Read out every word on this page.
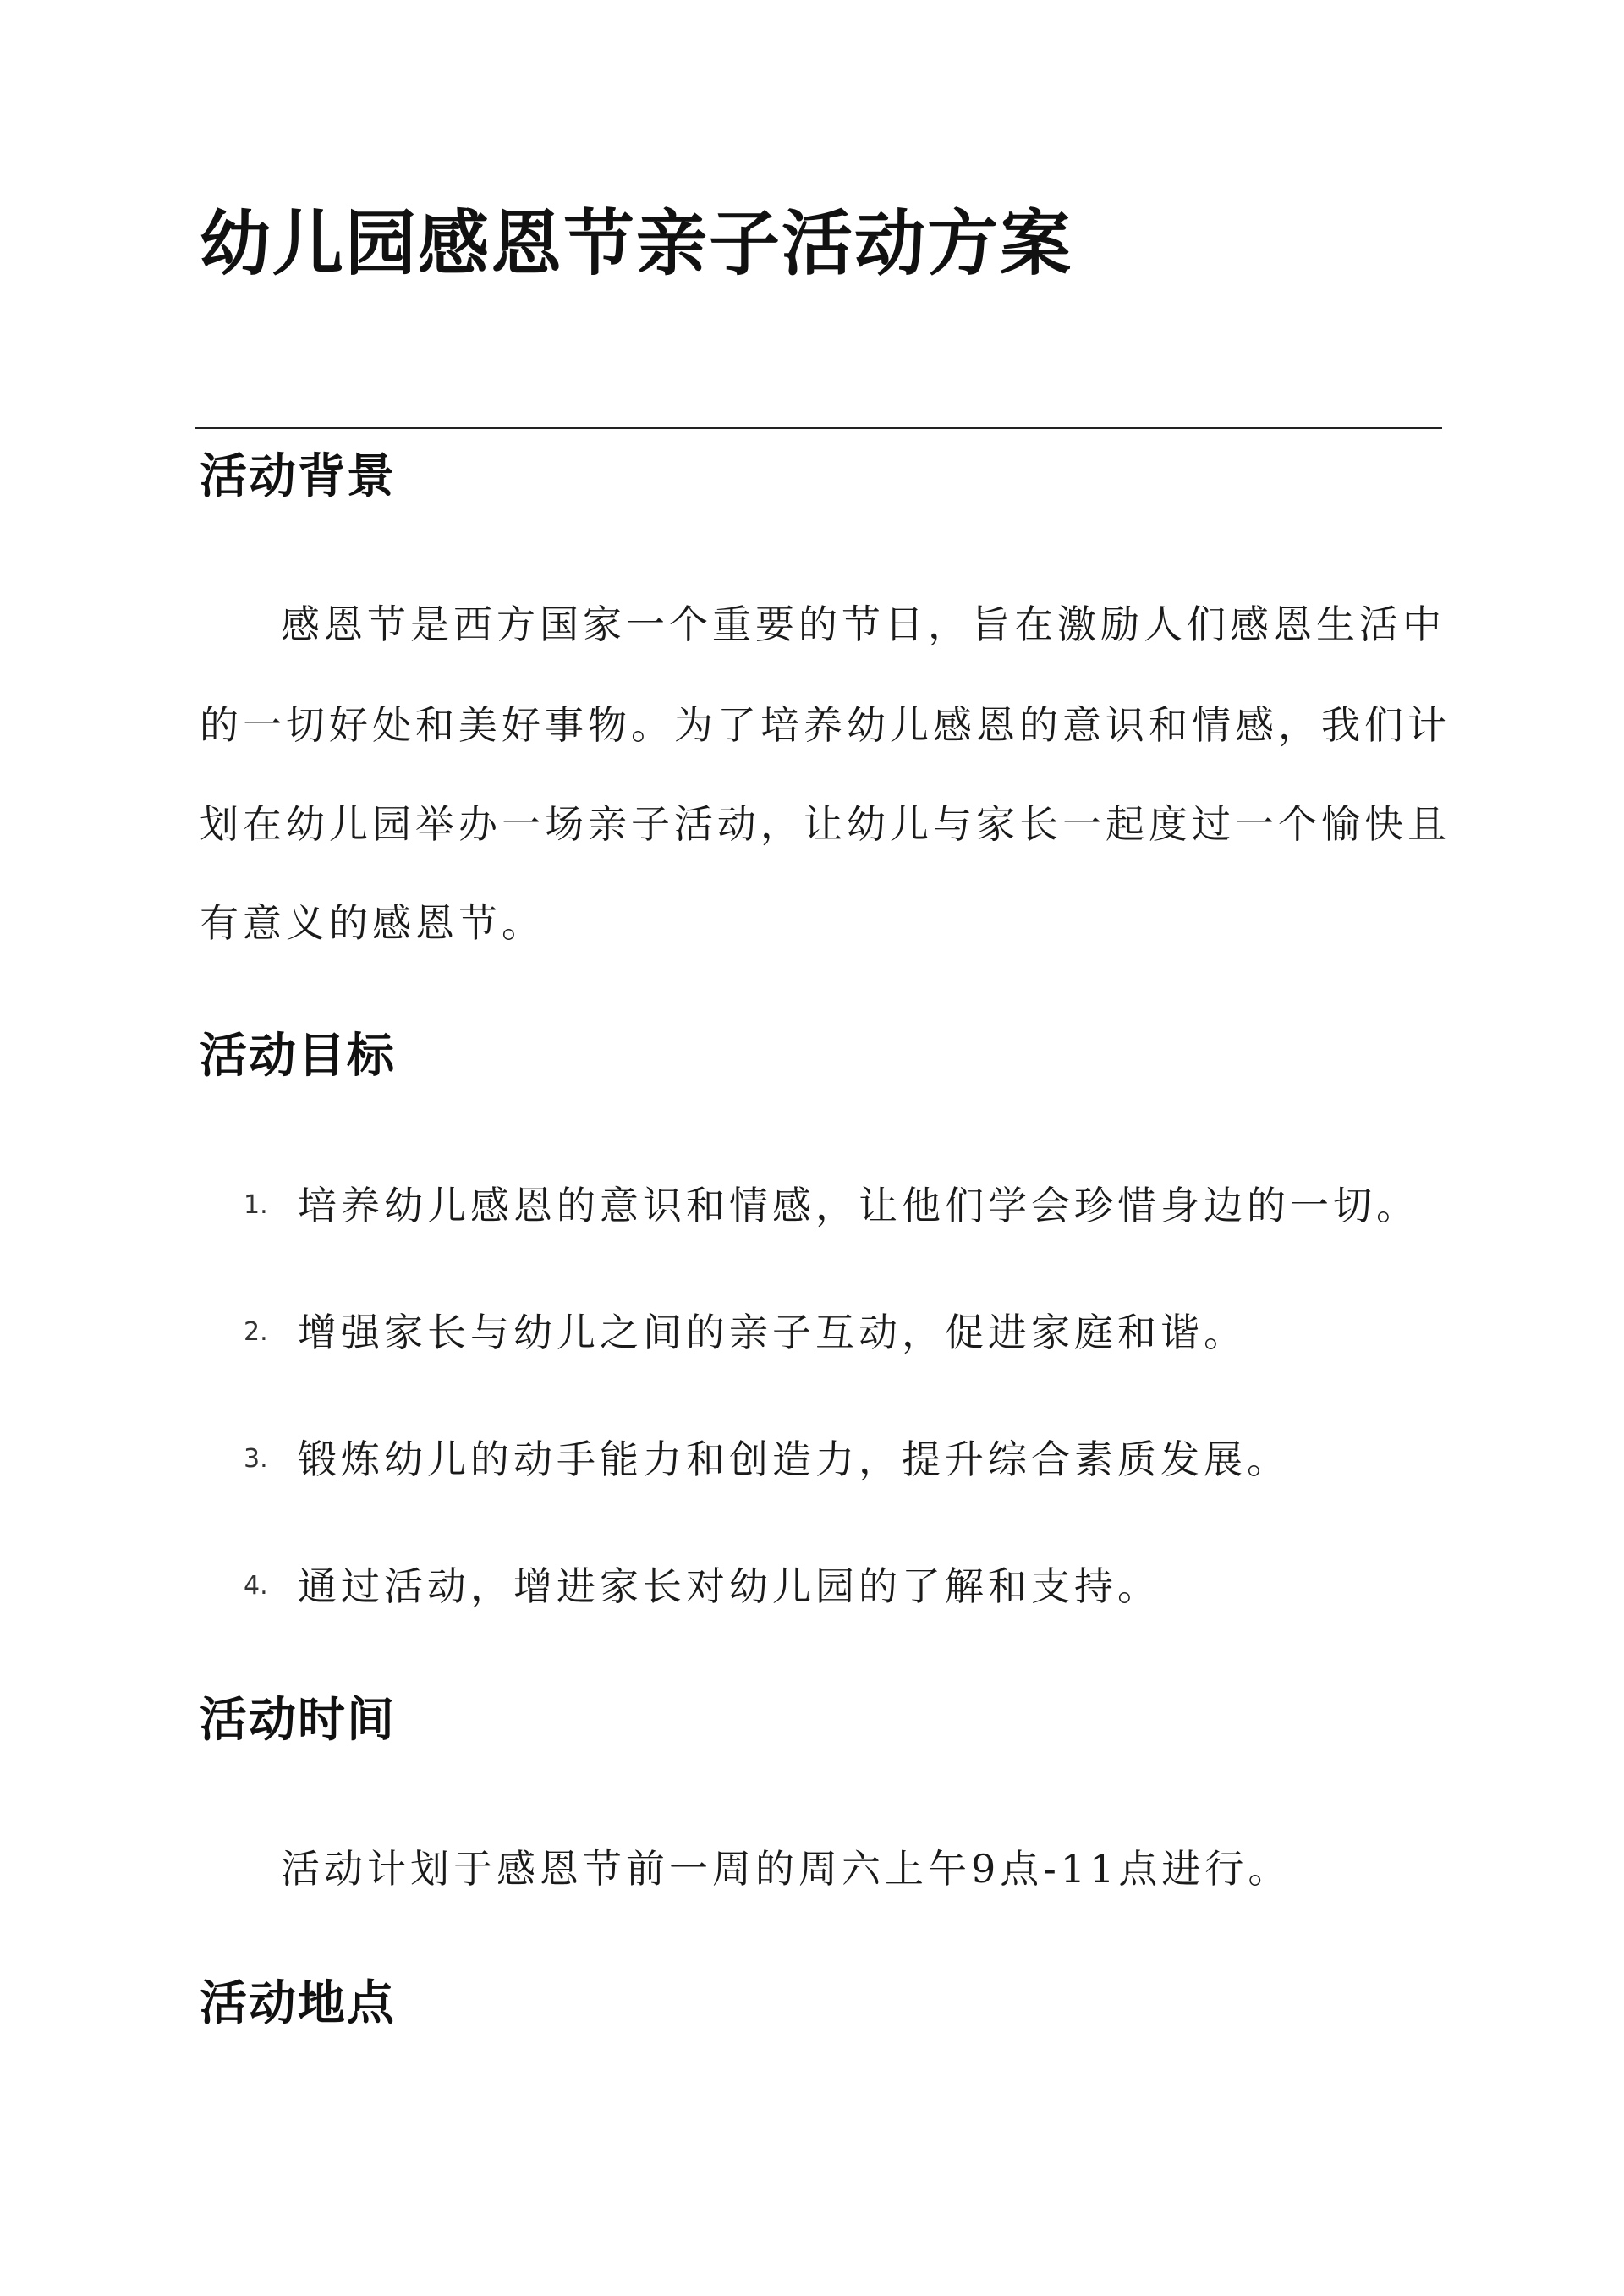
幼儿园感恩节亲子活动方案
活动背景

感恩节是西方国家一个重要的节日，旨在激励人们感恩生活中

的一切好处和美好事物。为了培养幼儿感恩的意识和情感，我们计

划在幼儿园举办一场亲子活动，让幼儿与家长一起度过一个愉快且

有意义的感恩节。

活动目标
1. 培养幼儿感恩的意识和情感，让他们学会珍惜身边的一切。
2. 增强家长与幼儿之间的亲子互动，促进家庭和谐。
3. 锻炼幼儿的动手能力和创造力，提升综合素质发展。
4. 通过活动，增进家长对幼儿园的了解和支持。
活动时间

活动计划于感恩节前一周的周六上午9点-11点进行。

活动地点
